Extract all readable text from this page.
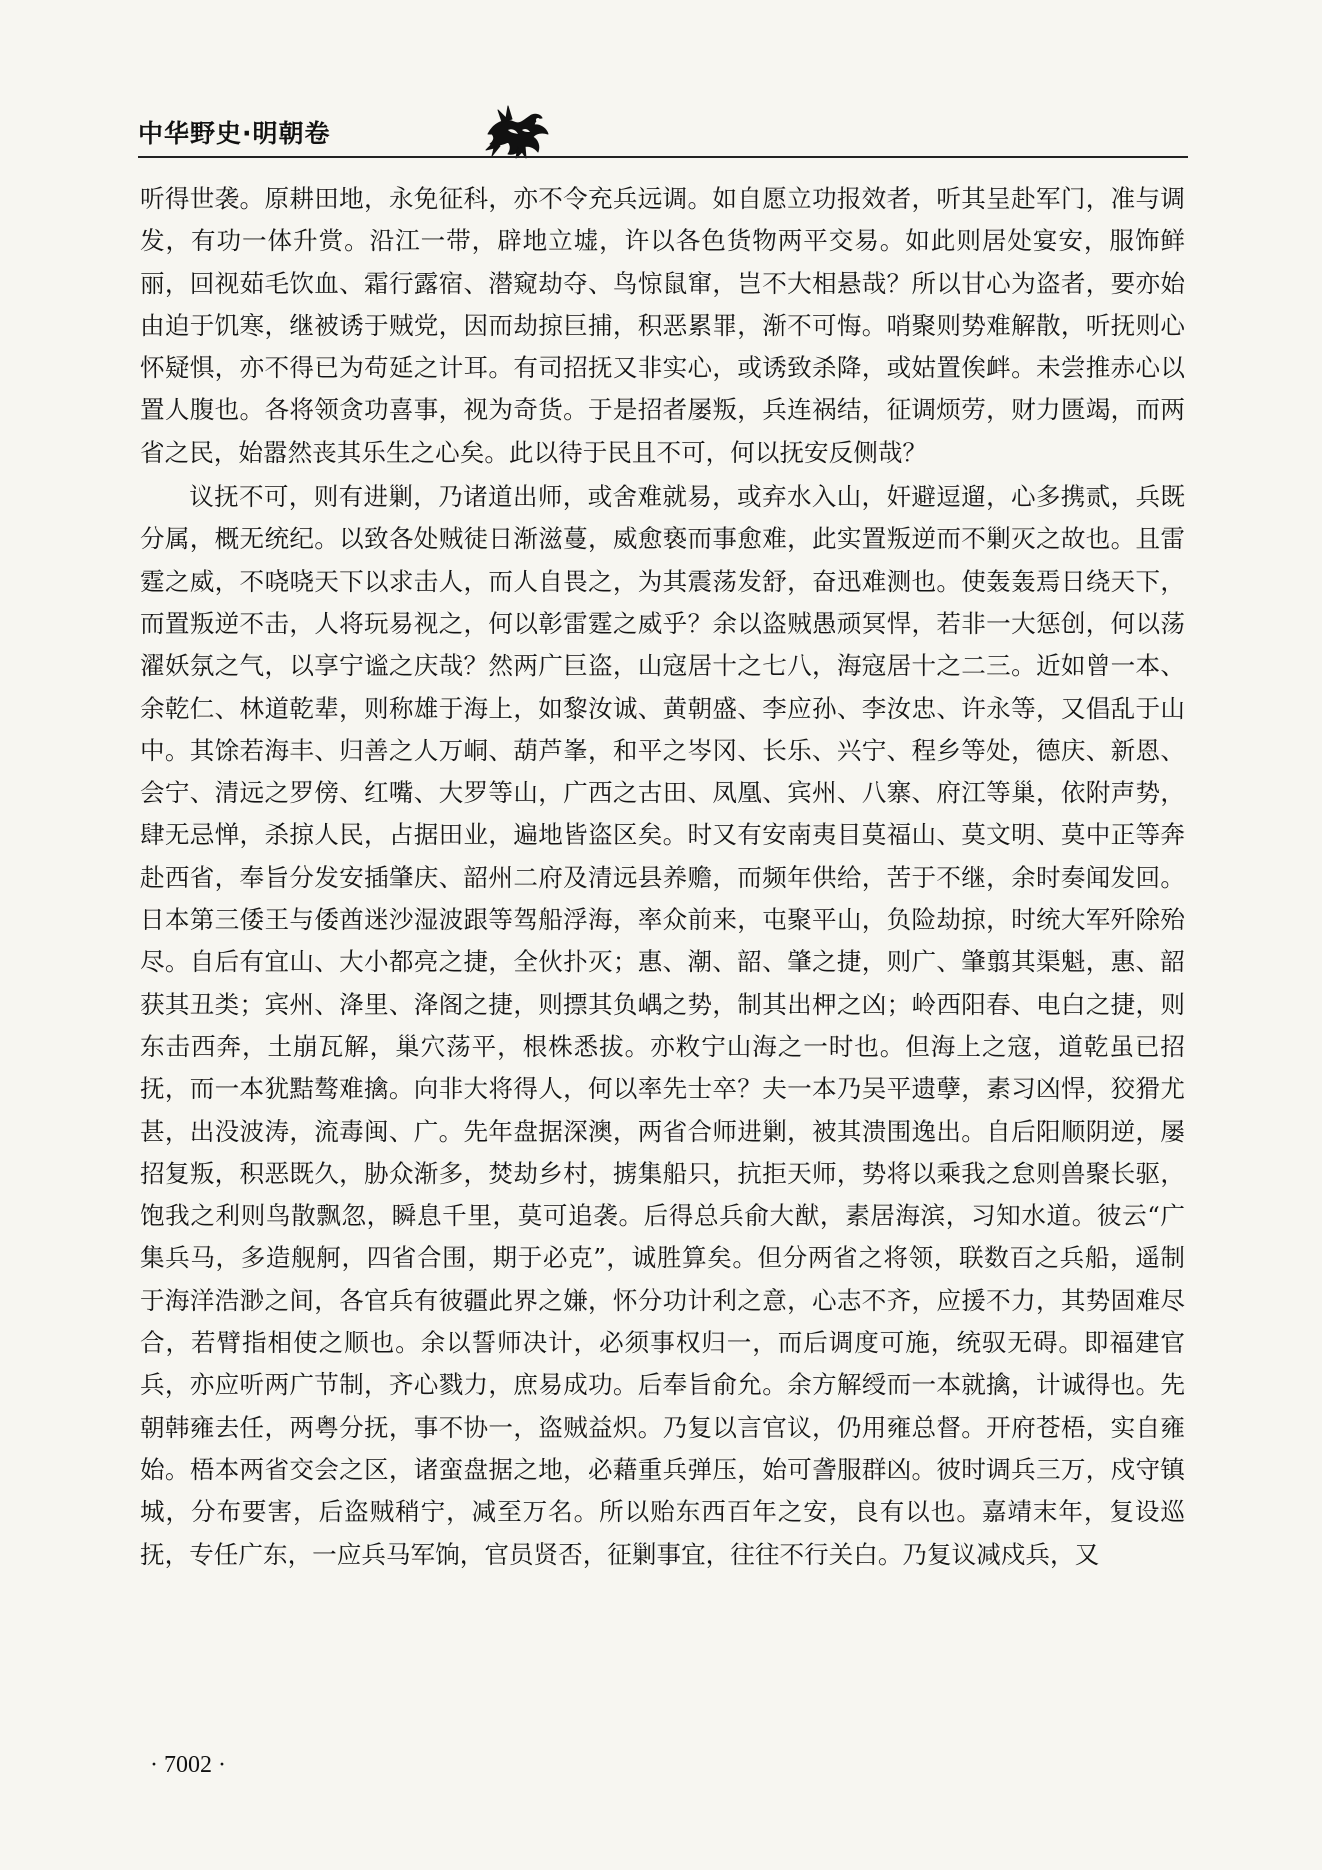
中华野史·明朝卷

听得世袭。原耕田地，永免征科，亦不令充兵远调。如自愿立功报效者，听其呈赴军门，准与调发，有功一体升赏。沿江一带，辟地立墟，许以各色货物两平交易。如此则居处宴安，服饰鲜丽，回视茹毛饮血、霜行露宿、潜窥劫夺、鸟惊鼠窜，岂不大相悬哉？所以甘心为盗者，要亦始由迫于饥寒，继被诱于贼党，因而劫掠巨捕，积恶累罪，渐不可悔。哨聚则势难解散，听抚则心怀疑惧，亦不得已为苟延之计耳。有司招抚又非实心，或诱致杀降，或姑置俟衅。未尝推赤心以置人腹也。各将领贪功喜事，视为奇货。于是招者屡叛，兵连祸结，征调烦劳，财力匮竭，而两省之民，始嚣然丧其乐生之心矣。此以待于民且不可，何以抚安反侧哉？

议抚不可，则有进剿，乃诸道出师，或舍难就易，或弃水入山，奸避逗遛，心多携贰，兵既分属，概无统纪。以致各处贼徒日渐滋蔓，威愈亵而事愈难，此实置叛逆而不剿灭之故也。且雷霆之威，不哓哓天下以求击人，而人自畏之，为其震荡发舒，奋迅难测也。使轰轰焉日绕天下，而置叛逆不击，人将玩易视之，何以彰雷霆之威乎？余以盗贼愚顽冥悍，若非一大惩创，何以荡濯妖氛之气，以享宁谧之庆哉？然两广巨盗，山寇居十之七八，海寇居十之二三。近如曾一本、余乾仁、林道乾辈，则称雄于海上，如黎汝诚、黄朝盛、李应孙、李汝忠、许永等，又倡乱于山中。其馀若海丰、归善之人万峒、葫芦峯，和平之岑冈、长乐、兴宁、程乡等处，德庆、新恩、会宁、清远之罗傍、红嘴、大罗等山，广西之古田、凤凰、宾州、八寨、府江等巢，依附声势，肆无忌惮，杀掠人民，占据田业，遍地皆盗区矣。时又有安南夷目莫福山、莫文明、莫中正等奔赴西省，奉旨分发安插肇庆、韶州二府及清远县养赡，而频年供给，苦于不继，余时奏闻发回。日本第三倭王与倭酋迷沙湿波跟等驾船浮海，率众前来，屯聚平山，负险劫掠，时统大军歼除殆尽。自后有宜山、大小都亮之捷，全伙扑灭；惠、潮、韶、肇之捷，则广、肇翦其渠魁，惠、韶获其丑类；宾州、洚里、洚阁之捷，则摽其负嵎之势，制其出柙之凶；岭西阳春、电白之捷，则东击西奔，土崩瓦解，巢穴荡平，根株悉拔。亦敉宁山海之一时也。但海上之寇，道乾虽已招抚，而一本犹黠骜难擒。向非大将得人，何以率先士卒？夫一本乃吴平遗孽，素习凶悍，狡猾尤甚，出没波涛，流毒闽、广。先年盘据深澳，两省合师进剿，被其溃围逸出。自后阳顺阴逆，屡招复叛，积恶既久，胁众渐多，焚劫乡村，掳集船只，抗拒天师，势将以乘我之怠则兽聚长驱，饱我之利则鸟散飘忽，瞬息千里，莫可追袭。后得总兵俞大猷，素居海滨，习知水道。彼云“广集兵马，多造舰舸，四省合围，期于必克”，诚胜算矣。但分两省之将领，联数百之兵船，遥制于海洋浩渺之间，各官兵有彼疆此界之嫌，怀分功计利之意，心志不齐，应援不力，其势固难尽合，若臂指相使之顺也。余以誓师决计，必须事权归一，而后调度可施，统驭无碍。即福建官兵，亦应听两广节制，齐心戮力，庶易成功。后奉旨俞允。余方解绶而一本就擒，计诚得也。先朝韩雍去任，两粤分抚，事不协一，盗贼益炽。乃复以言官议，仍用雍总督。开府苍梧，实自雍始。梧本两省交会之区，诸蛮盘据之地，必藉重兵弹压，始可詟服群凶。彼时调兵三万，戍守镇城，分布要害，后盗贼稍宁，减至万名。所以贻东西百年之安，良有以也。嘉靖末年，复设巡抚，专任广东，一应兵马军饷，官员贤否，征剿事宜，往往不行关白。乃复议减戍兵，又

· 7002 ·
